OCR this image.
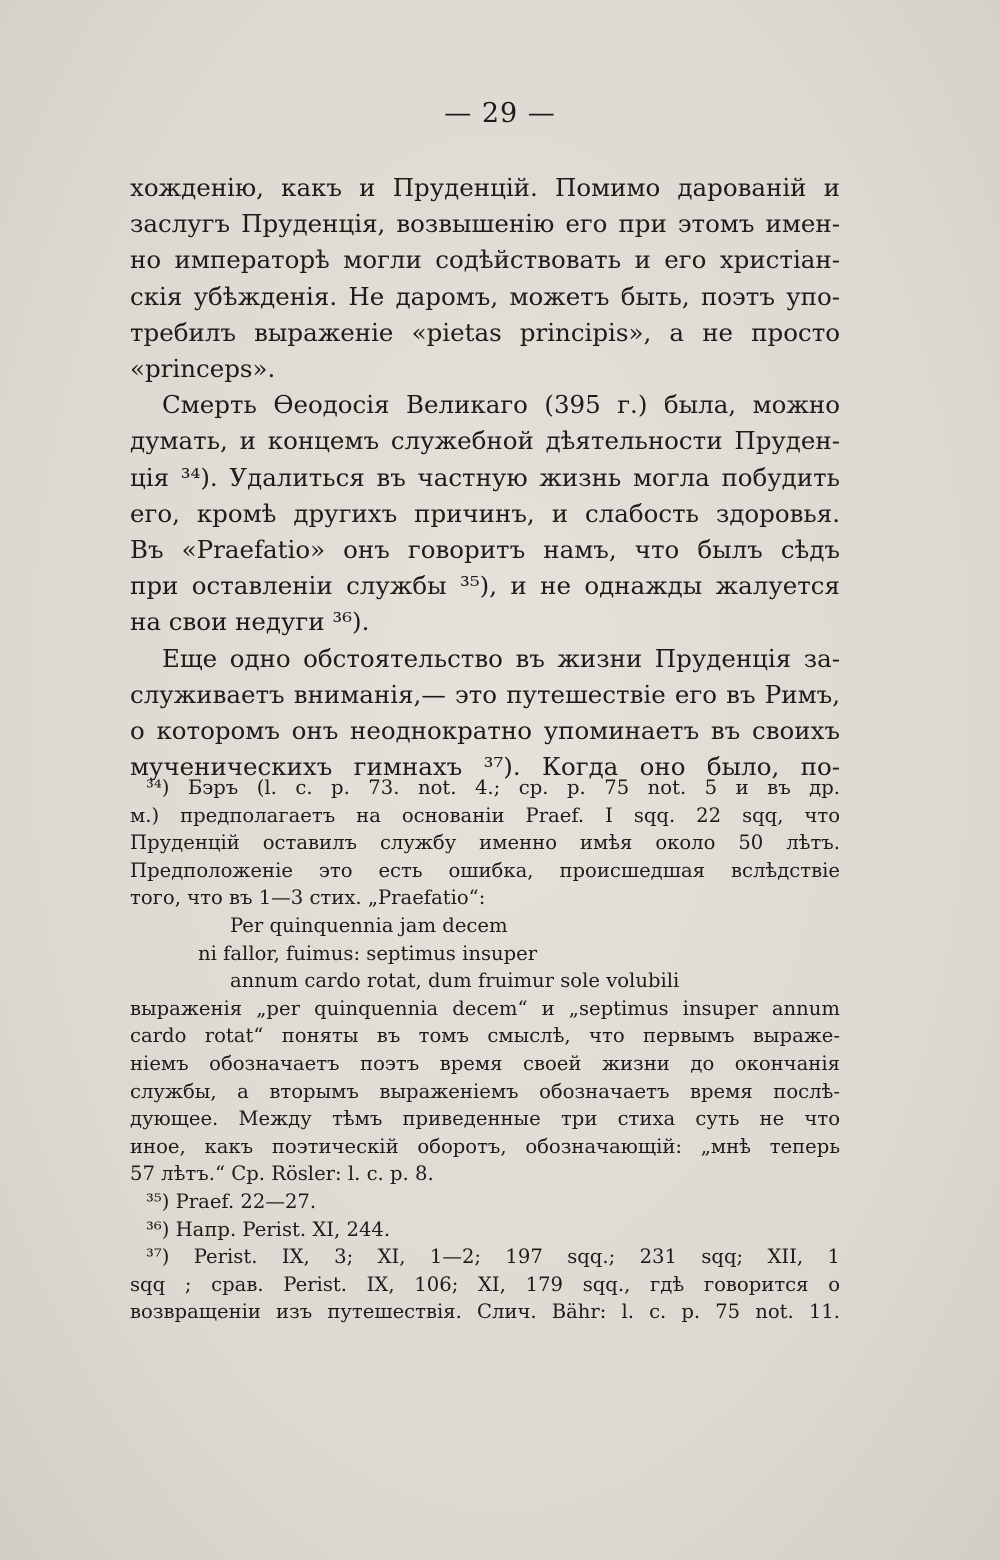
— 29 —
хожденію, какъ и Пруденцій. Помимо дарованій и
заслугъ Пруденція, возвышенію его при этомъ имен-
но императорѣ могли содѣйствовать и его христіан-
скія убѣжденія. Не даромъ, можетъ быть, поэтъ упо-
требилъ выраженіе «pietas principis», а не просто
«princeps».
Смерть Ѳеодосія Великаго (395 г.) была, можно
думать, и концемъ служебной дѣятельности Пруден-
ція ³⁴). Удалиться въ частную жизнь могла побудить
его, кромѣ другихъ причинъ, и слабость здоровья.
Въ «Praefatio» онъ говоритъ намъ, что былъ сѣдъ
при оставленіи службы ³⁵), и не однажды жалуется
на свои недуги ³⁶).
Еще одно обстоятельство въ жизни Пруденція за-
служиваетъ вниманія,— это путешествіе его въ Римъ,
о которомъ онъ неоднократно упоминаетъ въ своихъ
мученическихъ гимнахъ ³⁷). Когда оно было, по-
³⁴) Бэръ (l. c. p. 73. not. 4.; cp. p. 75 not. 5 и въ др.
м.) предполагаетъ на основаніи Praef. I sqq. 22 sqq, что
Пруденцій оставилъ службу именно имѣя около 50 лѣтъ.
Предположеніе это есть ошибка, происшедшая вслѣдствіе
того, что въ 1—3 стих. „Praefatio“:
Per quinquennia jam decem
ni fallor, fuimus: septimus insuper
annum cardo rotat, dum fruimur sole volubili
выраженія „per quinquennia decem“ и „septimus insuper annum
cardo rotat“ поняты въ томъ смыслѣ, что первымъ выраже-
ніемъ обозначаетъ поэтъ время своей жизни до окончанія
службы, а вторымъ выраженіемъ обозначаетъ время послѣ-
дующее. Между тѣмъ приведенные три стиха суть не что
иное, какъ поэтическій оборотъ, обозначающій: „мнѣ теперь
57 лѣтъ.“ Cp. Rösler: l. c. p. 8.
³⁵) Praef. 22—27.
³⁶) Напр. Perist. XI, 244.
³⁷) Perist. IX, 3; XI, 1—2; 197 sqq.; 231 sqq; XII, 1
sqq ; срав. Perist. IX, 106; XI, 179 sqq., гдѣ говорится о
возвращеніи изъ путешествія. Слич. Bähr: l. c. p. 75 not. 11.
